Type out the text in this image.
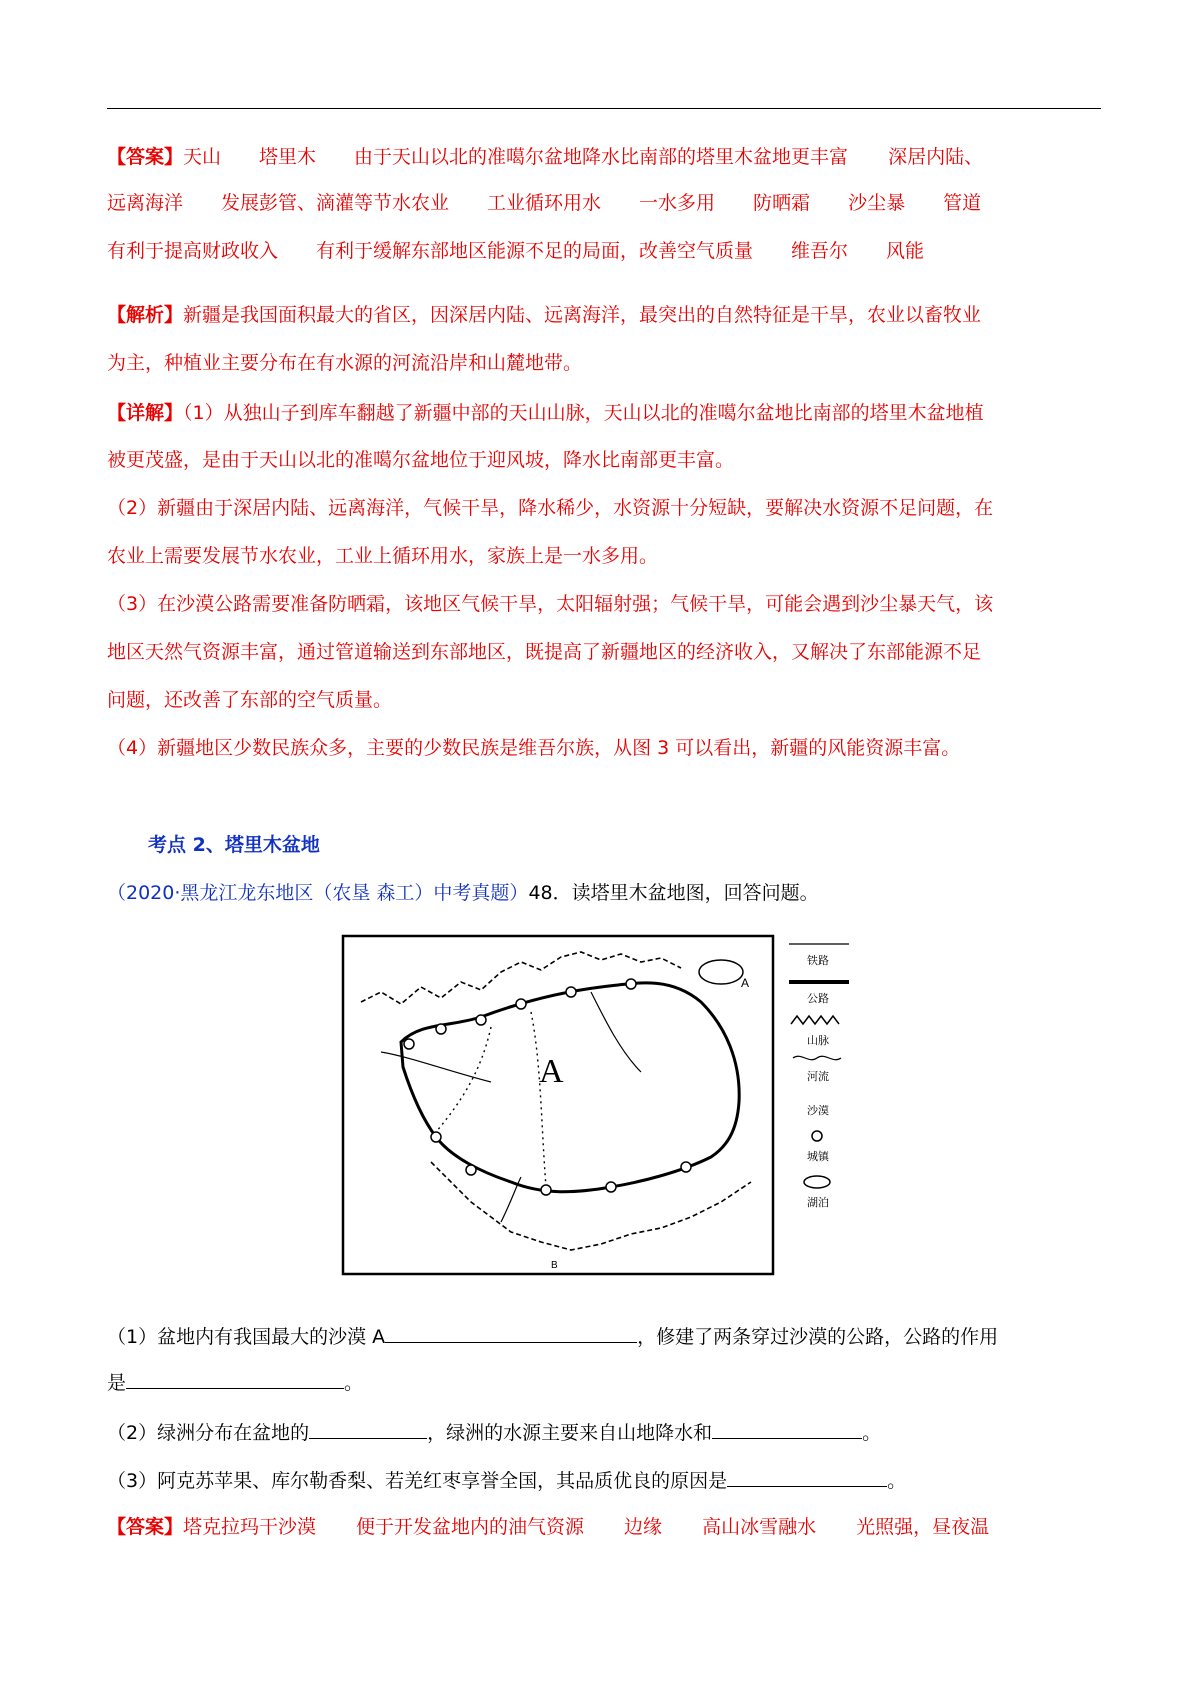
【答案】天山 塔里木 由于天山以北的准噶尔盆地降水比南部的塔里木盆地更丰富 深居内陆、
远离海洋 发展彭管、滴灌等节水农业 工业循环用水 一水多用 防晒霜 沙尘暴 管道
有利于提高财政收入 有利于缓解东部地区能源不足的局面，改善空气质量 维吾尔 风能
【解析】新疆是我国面积最大的省区，因深居内陆、远离海洋，最突出的自然特征是干旱，农业以畜牧业
为主，种植业主要分布在有水源的河流沿岸和山麓地带。
【详解】（1）从独山子到库车翻越了新疆中部的天山山脉，天山以北的准噶尔盆地比南部的塔里木盆地植
被更茂盛，是由于天山以北的准噶尔盆地位于迎风坡，降水比南部更丰富。
（2）新疆由于深居内陆、远离海洋，气候干旱，降水稀少，水资源十分短缺，要解决水资源不足问题，在
农业上需要发展节水农业，工业上循环用水，家族上是一水多用。
（3）在沙漠公路需要准备防晒霜，该地区气候干旱，太阳辐射强；气候干旱，可能会遇到沙尘暴天气，该
地区天然气资源丰富，通过管道输送到东部地区，既提高了新疆地区的经济收入，又解决了东部能源不足
问题，还改善了东部的空气质量。
（4）新疆地区少数民族众多，主要的少数民族是维吾尔族，从图 3 可以看出，新疆的风能资源丰富。
考点 2、塔里木盆地
（2020·黑龙江龙东地区（农垦 森工）中考真题）48．读塔里木盆地图，回答问题。
A
A
B
铁路
公路
山脉
河流
沙漠
城镇
湖泊
（1）盆地内有我国最大的沙漠 A	，修建了两条穿过沙漠的公路，公路的作用
是	。
（2）绿洲分布在盆地的	，绿洲的水源主要来自山地降水和	。
（3）阿克苏苹果、库尔勒香梨、若羌红枣享誉全国，其品质优良的原因是	。
【答案】塔克拉玛干沙漠 便于开发盆地内的油气资源 边缘 高山冰雪融水 光照强，昼夜温
